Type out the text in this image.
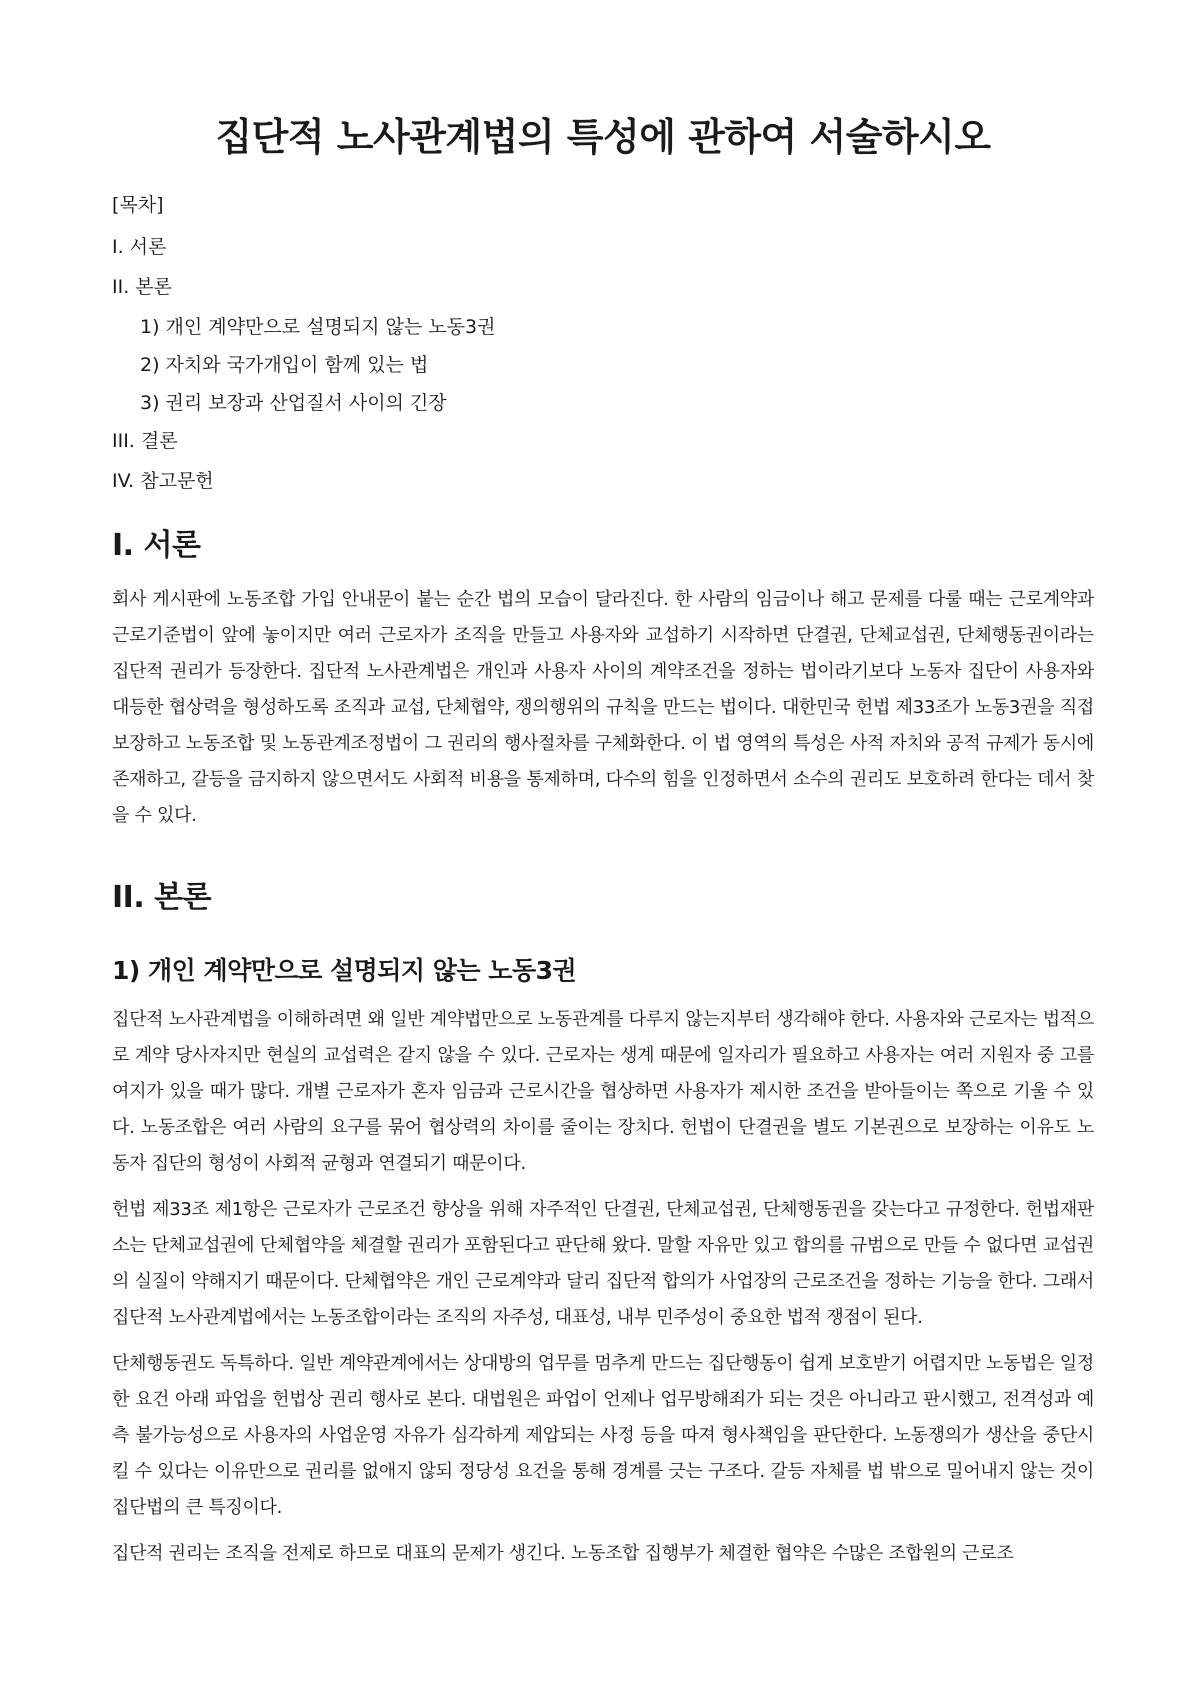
집단적 노사관계법의 특성에 관하여 서술하시오
[목차]
I. 서론
II. 본론
1) 개인 계약만으로 설명되지 않는 노동3권
2) 자치와 국가개입이 함께 있는 법
3) 권리 보장과 산업질서 사이의 긴장
III. 결론
IV. 참고문헌
I. 서론

회사 게시판에 노동조합 가입 안내문이 붙는 순간 법의 모습이 달라진다. 한 사람의 임금이나 해고 문제를 다룰 때는 근로계약과 근로기준법이 앞에 놓이지만 여러 근로자가 조직을 만들고 사용자와 교섭하기 시작하면 단결권, 단체교섭권, 단체행동권이라는 집단적 권리가 등장한다. 집단적 노사관계법은 개인과 사용자 사이의 계약조건을 정하는 법이라기보다 노동자 집단이 사용자와 대등한 협상력을 형성하도록 조직과 교섭, 단체협약, 쟁의행위의 규칙을 만드는 법이다. 대한민국 헌법 제33조가 노동3권을 직접 보장하고 노동조합 및 노동관계조정법이 그 권리의 행사절차를 구체화한다. 이 법 영역의 특성은 사적 자치와 공적 규제가 동시에 존재하고, 갈등을 금지하지 않으면서도 사회적 비용을 통제하며, 다수의 힘을 인정하면서 소수의 권리도 보호하려 한다는 데서 찾을 수 있다.

II. 본론
1) 개인 계약만으로 설명되지 않는 노동3권

집단적 노사관계법을 이해하려면 왜 일반 계약법만으로 노동관계를 다루지 않는지부터 생각해야 한다. 사용자와 근로자는 법적으로 계약 당사자지만 현실의 교섭력은 같지 않을 수 있다. 근로자는 생계 때문에 일자리가 필요하고 사용자는 여러 지원자 중 고를 여지가 있을 때가 많다. 개별 근로자가 혼자 임금과 근로시간을 협상하면 사용자가 제시한 조건을 받아들이는 쪽으로 기울 수 있다. 노동조합은 여러 사람의 요구를 묶어 협상력의 차이를 줄이는 장치다. 헌법이 단결권을 별도 기본권으로 보장하는 이유도 노동자 집단의 형성이 사회적 균형과 연결되기 때문이다.

헌법 제33조 제1항은 근로자가 근로조건 향상을 위해 자주적인 단결권, 단체교섭권, 단체행동권을 갖는다고 규정한다. 헌법재판소는 단체교섭권에 단체협약을 체결할 권리가 포함된다고 판단해 왔다. 말할 자유만 있고 합의를 규범으로 만들 수 없다면 교섭권의 실질이 약해지기 때문이다. 단체협약은 개인 근로계약과 달리 집단적 합의가 사업장의 근로조건을 정하는 기능을 한다. 그래서 집단적 노사관계법에서는 노동조합이라는 조직의 자주성, 대표성, 내부 민주성이 중요한 법적 쟁점이 된다.

단체행동권도 독특하다. 일반 계약관계에서는 상대방의 업무를 멈추게 만드는 집단행동이 쉽게 보호받기 어렵지만 노동법은 일정한 요건 아래 파업을 헌법상 권리 행사로 본다. 대법원은 파업이 언제나 업무방해죄가 되는 것은 아니라고 판시했고, 전격성과 예측 불가능성으로 사용자의 사업운영 자유가 심각하게 제압되는 사정 등을 따져 형사책임을 판단한다. 노동쟁의가 생산을 중단시킬 수 있다는 이유만으로 권리를 없애지 않되 정당성 요건을 통해 경계를 긋는 구조다. 갈등 자체를 법 밖으로 밀어내지 않는 것이 집단법의 큰 특징이다.

집단적 권리는 조직을 전제로 하므로 대표의 문제가 생긴다. 노동조합 집행부가 체결한 협약은 수많은 조합원의 근로조
